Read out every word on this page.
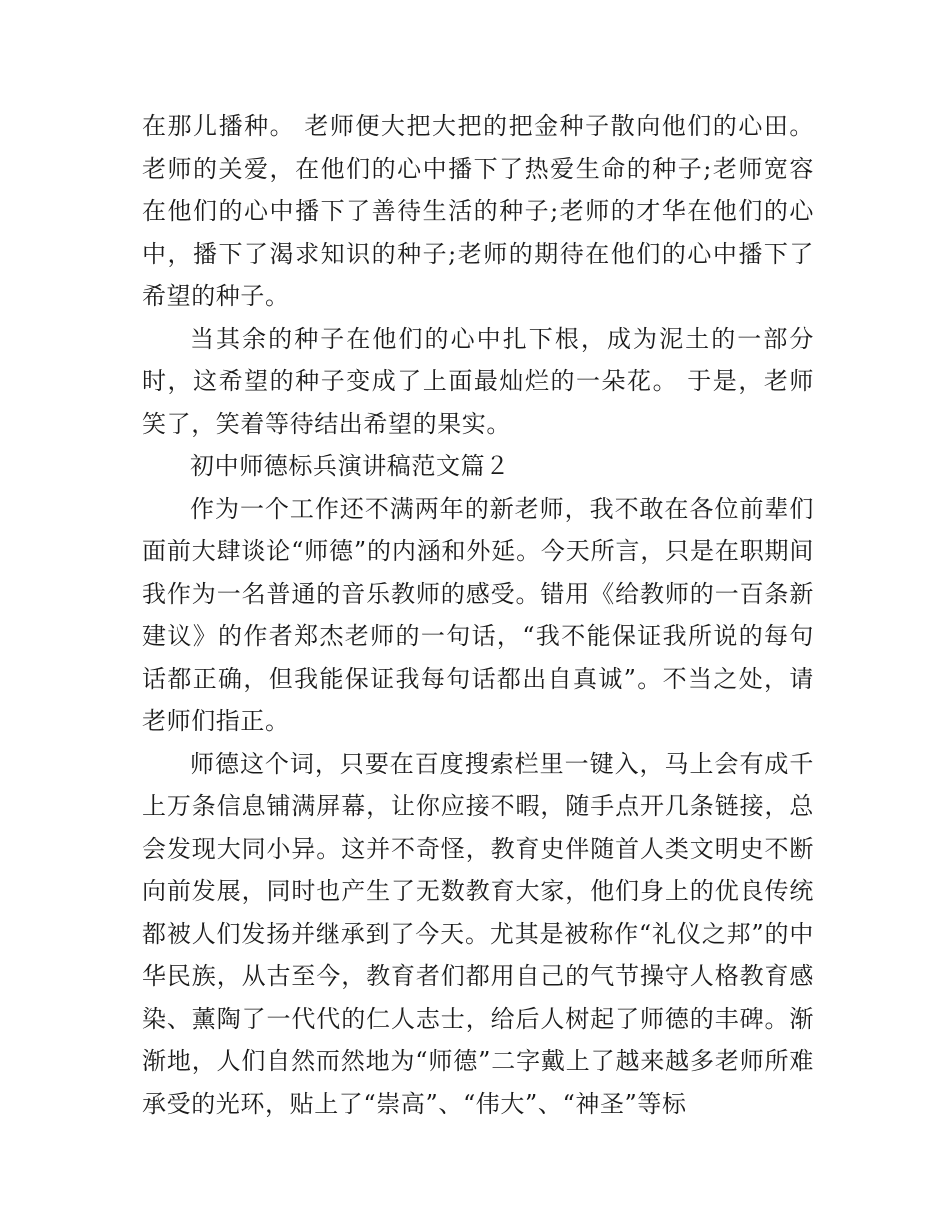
在那儿播种。 老师便大把大把的把金种子散向他们的心田。老师的关爱，在他们的心中播下了热爱生命的种子;老师宽容在他们的心中播下了善待生活的种子;老师的才华在他们的心中，播下了渴求知识的种子;老师的期待在他们的心中播下了希望的种子。

当其余的种子在他们的心中扎下根，成为泥土的一部分时，这希望的种子变成了上面最灿烂的一朵花。 于是，老师笑了，笑着等待结出希望的果实。

初中师德标兵演讲稿范文篇２

作为一个工作还不满两年的新老师，我不敢在各位前辈们面前大肆谈论“师德”的内涵和外延。今天所言，只是在职期间我作为一名普通的音乐教师的感受。错用《给教师的一百条新建议》的作者郑杰老师的一句话，“我不能保证我所说的每句话都正确，但我能保证我每句话都出自真诚”。不当之处，请老师们指正。

师德这个词，只要在百度搜索栏里一键入，马上会有成千上万条信息铺满屏幕，让你应接不暇，随手点开几条链接，总会发现大同小异。这并不奇怪，教育史伴随首人类文明史不断向前发展，同时也产生了无数教育大家，他们身上的优良传统都被人们发扬并继承到了今天。尤其是被称作“礼仪之邦”的中华民族，从古至今，教育者们都用自己的气节操守人格教育感染、薰陶了一代代的仁人志士，给后人树起了师德的丰碑。渐渐地，人们自然而然地为“师德”二字戴上了越来越多老师所难承受的光环，贴上了“崇高”、“伟大”、“神圣”等标
